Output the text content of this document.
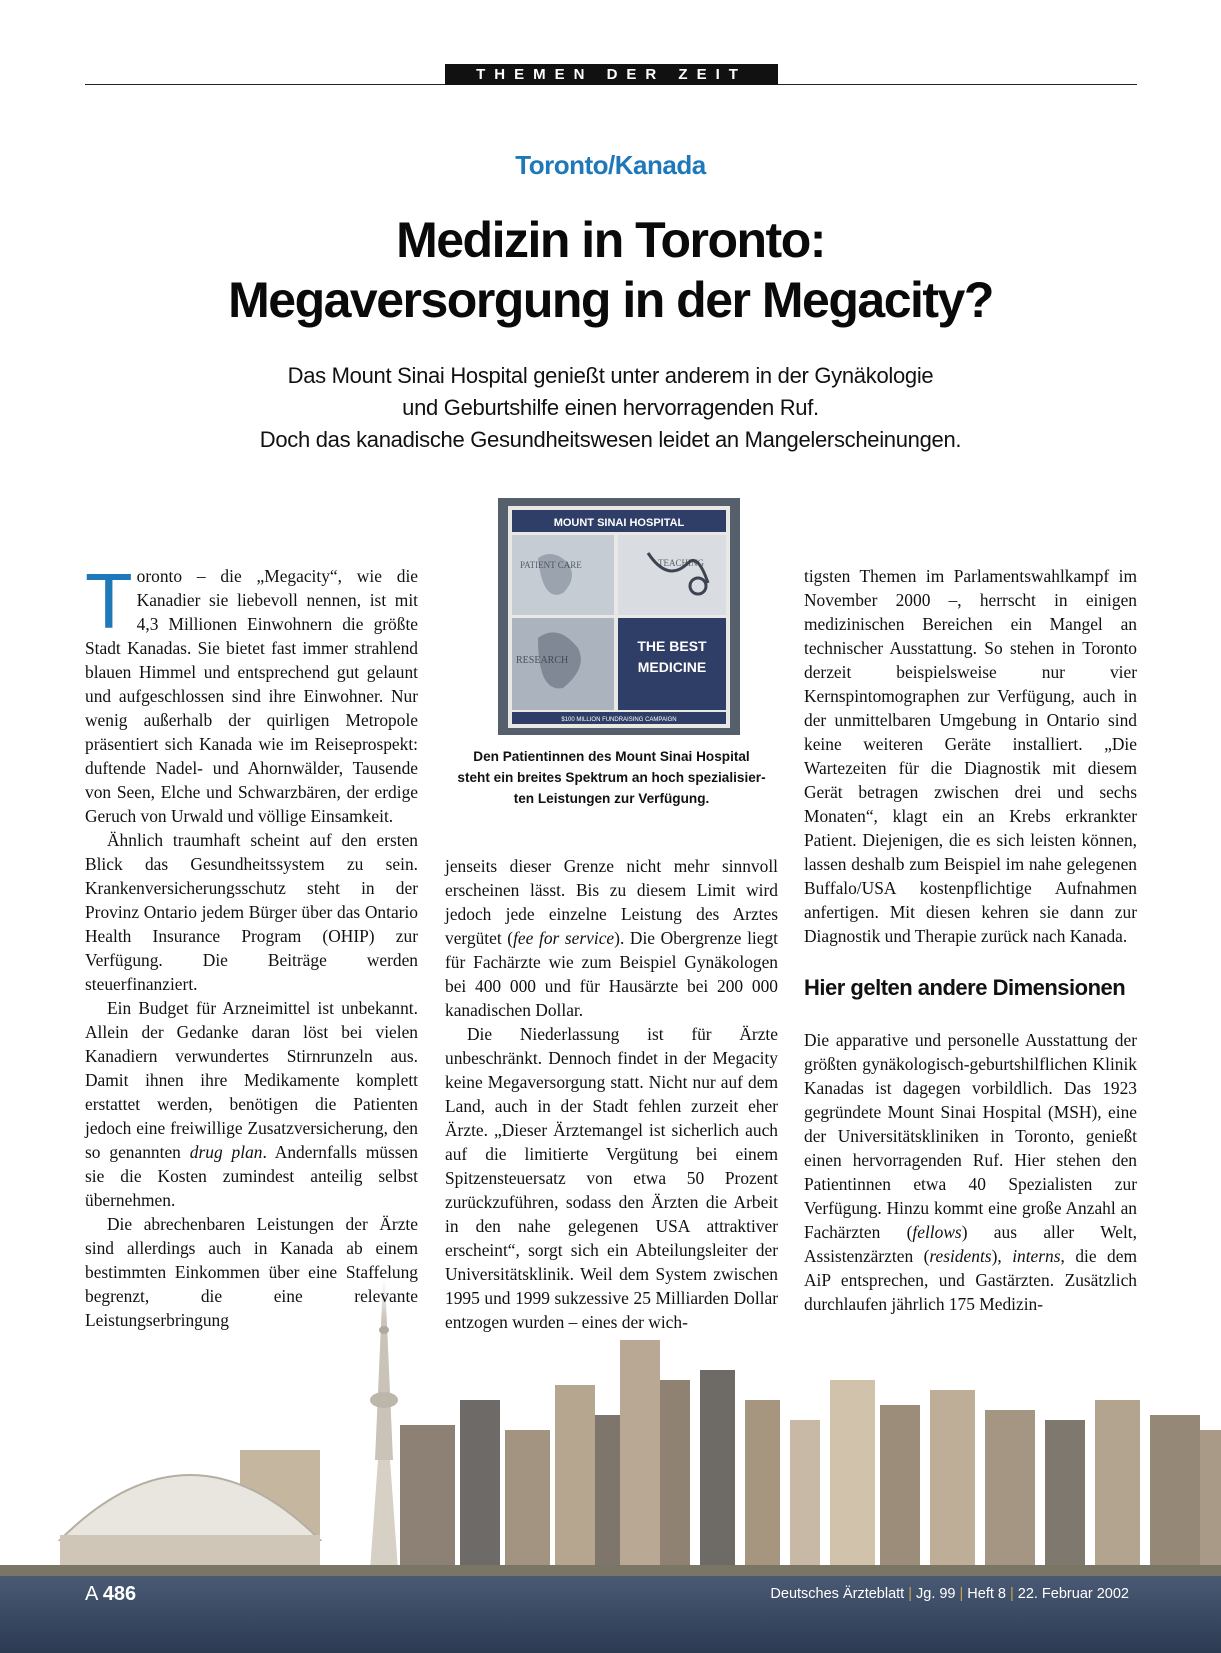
THEMEN DER ZEIT
Toronto/Kanada
Medizin in Toronto:
Megaversorgung in der Megacity?
Das Mount Sinai Hospital genießt unter anderem in der Gynäkologie
und Geburtshilfe einen hervorragenden Ruf.
Doch das kanadische Gesundheitswesen leidet an Mangelerscheinungen.
MOUNT SINAI HOSPITAL
PATIENT CARE	TEACHING
RESEARCH
THE BEST
MEDICINE
$100 MILLION FUNDRAISING CAMPAIGN
Den Patientinnen des Mount Sinai Hospital
steht ein breites Spektrum an hoch spezialisier-
ten Leistungen zur Verfügung.

Toronto – die „Megacity“, wie die Kanadier sie liebevoll nennen, ist mit 4,3 Millionen Einwohnern die größte Stadt Kanadas. Sie bietet fast immer strahlend blauen Himmel und entsprechend gut gelaunt und aufgeschlossen sind ihre Einwohner. Nur wenig außerhalb der quirligen Metropole präsentiert sich Kanada wie im Reiseprospekt: duftende Nadel- und Ahornwälder, Tausende von Seen, Elche und Schwarzbären, der erdige Geruch von Urwald und völlige Einsamkeit.

Ähnlich traumhaft scheint auf den ersten Blick das Gesundheitssystem zu sein. Krankenversicherungsschutz steht in der Provinz Ontario jedem Bürger über das Ontario Health Insurance Program (OHIP) zur Verfügung. Die Beiträge werden steuerfinanziert.

Ein Budget für Arzneimittel ist unbekannt. Allein der Gedanke daran löst bei vielen Kanadiern verwundertes Stirnrunzeln aus. Damit ihnen ihre Medikamente komplett erstattet werden, benötigen die Patienten jedoch eine freiwillige Zusatzversicherung, den so genannten drug plan. Andernfalls müssen sie die Kosten zumindest anteilig selbst übernehmen.

Die abrechenbaren Leistungen der Ärzte sind allerdings auch in Kanada ab einem bestimmten Einkommen über eine Staffelung begrenzt, die eine relevante Leistungserbringung

jenseits dieser Grenze nicht mehr sinnvoll erscheinen lässt. Bis zu diesem Limit wird jedoch jede einzelne Leistung des Arztes vergütet (fee for service). Die Obergrenze liegt für Fachärzte wie zum Beispiel Gynäkologen bei 400 000 und für Hausärzte bei 200 000 kanadischen Dollar.

Die Niederlassung ist für Ärzte unbeschränkt. Dennoch findet in der Megacity keine Megaversorgung statt. Nicht nur auf dem Land, auch in der Stadt fehlen zurzeit eher Ärzte. „Dieser Ärztemangel ist sicherlich auch auf die limitierte Vergütung bei einem Spitzensteuersatz von etwa 50 Prozent zurückzuführen, sodass den Ärzten die Arbeit in den nahe gelegenen USA attraktiver erscheint“, sorgt sich ein Abteilungsleiter der Universitätsklinik. Weil dem System zwischen 1995 und 1999 sukzessive 25 Milliarden Dollar entzogen wurden – eines der wich-

tigsten Themen im Parlamentswahlkampf im November 2000 –, herrscht in einigen medizinischen Bereichen ein Mangel an technischer Ausstattung. So stehen in Toronto derzeit beispielsweise nur vier Kernspintomographen zur Verfügung, auch in der unmittelbaren Umgebung in Ontario sind keine weiteren Geräte installiert. „Die Wartezeiten für die Diagnostik mit diesem Gerät betragen zwischen drei und sechs Monaten“, klagt ein an Krebs erkrankter Patient. Diejenigen, die es sich leisten können, lassen deshalb zum Beispiel im nahe gelegenen Buffalo/USA kostenpflichtige Aufnahmen anfertigen. Mit diesen kehren sie dann zur Diagnostik und Therapie zurück nach Kanada.

Hier gelten andere Dimensionen

Die apparative und personelle Ausstattung der größten gynäkologisch-geburtshilflichen Klinik Kanadas ist dagegen vorbildlich. Das 1923 gegründete Mount Sinai Hospital (MSH), eine der Universitätskliniken in Toronto, genießt einen hervorragenden Ruf. Hier stehen den Patientinnen etwa 40 Spezialisten zur Verfügung. Hinzu kommt eine große Anzahl an Fachärzten (fellows) aus aller Welt, Assistenzärzten (residents), interns, die dem AiP entsprechen, und Gastärzten. Zusätzlich durchlaufen jährlich 175 Medizin-

A 486	Deutsches Ärzteblatt | Jg. 99 | Heft 8 | 22. Februar 2002
